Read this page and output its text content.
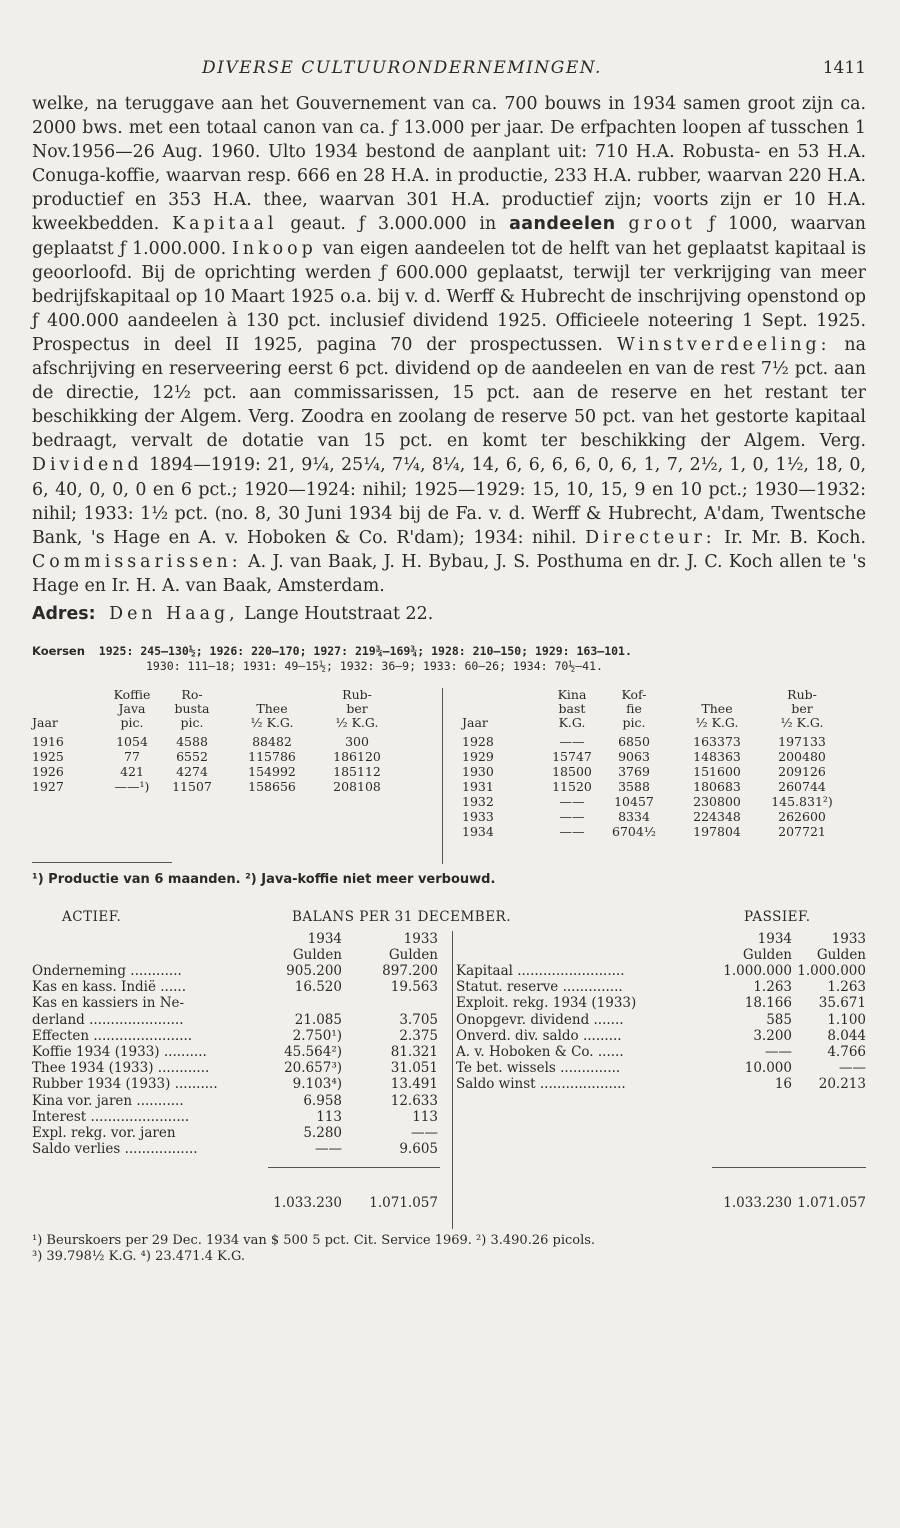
DIVERSE CULTUURONDERNEMINGEN.	1411

welke, na teruggave aan het Gouvernement van ca. 700 bouws in 1934 samen groot zijn ca. 2000 bws. met een totaal canon van ca. ƒ 13.000 per jaar. De erfpachten loopen af tusschen 1 Nov.1956—26 Aug. 1960. Ulto 1934 bestond de aanplant uit: 710 H.A. Robusta- en 53 H.A. Conuga-koffie, waarvan resp. 666 en 28 H.A. in productie, 233 H.A. rubber, waarvan 220 H.A. productief en 353 H.A. thee, waarvan 301 H.A. productief zijn; voorts zijn er 10 H.A. kweekbedden. Kapitaal geaut. ƒ 3.000.000 in aandeelen groot ƒ 1000, waarvan geplaatst ƒ 1.000.000. Inkoop van eigen aandeelen tot de helft van het geplaatst kapitaal is geoorloofd. Bij de oprichting werden ƒ 600.000 geplaatst, terwijl ter verkrijging van meer bedrijfskapitaal op 10 Maart 1925 o.a. bij v. d. Werff & Hubrecht de inschrijving openstond op ƒ 400.000 aandeelen à 130 pct. inclusief dividend 1925. Officieele noteering 1 Sept. 1925. Prospectus in deel II 1925, pagina 70 der prospectussen. Winstverdeeling: na afschrijving en reserveering eerst 6 pct. dividend op de aandeelen en van de rest 7½ pct. aan de directie, 12½ pct. aan commissarissen, 15 pct. aan de reserve en het restant ter beschikking der Algem. Verg. Zoodra en zoolang de reserve 50 pct. van het gestorte kapitaal bedraagt, vervalt de dotatie van 15 pct. en komt ter beschikking der Algem. Verg. Dividend 1894—1919: 21, 9¼, 25¼, 7¼, 8¼, 14, 6, 6, 6, 6, 0, 6, 1, 7, 2½, 1, 0, 1½, 18, 0, 6, 40, 0, 0, 0 en 6 pct.; 1920—1924: nihil; 1925—1929: 15, 10, 15, 9 en 10 pct.; 1930—1932: nihil; 1933: 1½ pct. (no. 8, 30 Juni 1934 bij de Fa. v. d. Werff & Hubrecht, A'dam, Twentsche Bank, 's Hage en A. v. Hoboken & Co. R'dam); 1934: nihil. Directeur: Ir. Mr. B. Koch. Commissarissen: A. J. van Baak, J. H. Bybau, J. S. Posthuma en dr. J. C. Koch allen te 's Hage en Ir. H. A. van Baak, Amsterdam.

Adres: Den Haag, Lange Houtstraat 22.
Koersen 1925: 245—130½; 1926: 220—170; 1927: 219¾—169¾; 1928: 210—150; 1929: 163—101.
1930: 111—18; 1931: 49—15½; 1932: 36—9; 1933: 60—26; 1934: 70½—41.
Jaar
Koffie
Java
pic.
Ro-
busta
pic.
Thee
½ K.G.
Rub-
ber
½ K.G.
1916	1054	4588	88482	300
1925	77	6552	115786	186120
1926	421	4274	154992	185112
1927	——¹)	11507	158656	208108
Jaar
Kina
bast
K.G.
Kof-
fie
pic.
Thee
½ K.G.
Rub-
ber
½ K.G.
1928	——	6850	163373	197133
1929	15747	9063	148363	200480
1930	18500	3769	151600	209126
1931	11520	3588	180683	260744
1932	——	10457	230800	145.831²)
1933	——	8334	224348	262600
1934	——	6704½	197804	207721
¹) Productie van 6 maanden. ²) Java-koffie niet meer verbouwd.
ACTIEF.	BALANS PER 31 DECEMBER.	PASSIEF.
1934	1933
Gulden	Gulden
1934	1933
Gulden	Gulden
Onderneming ............	905.200	897.200
Kas en kass. Indië ......	16.520	19.563
Kas en kassiers in Ne-
derland ......................	21.085	3.705
Effecten .......................	2.750¹)	2.375
Koffie 1934 (1933) ..........	45.564²)	81.321
Thee 1934 (1933) ............	20.657³)	31.051
Rubber 1934 (1933) ..........	9.103⁴)	13.491
Kina vor. jaren ...........	6.958	12.633
Interest .......................	113	113
Expl. rekg. vor. jaren	5.280	——
Saldo verlies .................	——	9.605
Kapitaal .........................	1.000.000 1.000.000
Statut. reserve ..............	1.263	1.263
Exploit. rekg. 1934 (1933)	18.166	35.671
Onopgevr. dividend .......	585	1.100
Onverd. div. saldo .........	3.200	8.044
A. v. Hoboken & Co. ......	——	4.766
Te bet. wissels ..............	10.000	——
Saldo winst ....................	16	20.213
1.033.230	1.071.057	1.033.230 1.071.057
¹) Beurskoers per 29 Dec. 1934 van $ 500 5 pct. Cit. Service 1969. ²) 3.490.26 picols.
³) 39.798½ K.G. ⁴) 23.471.4 K.G.
